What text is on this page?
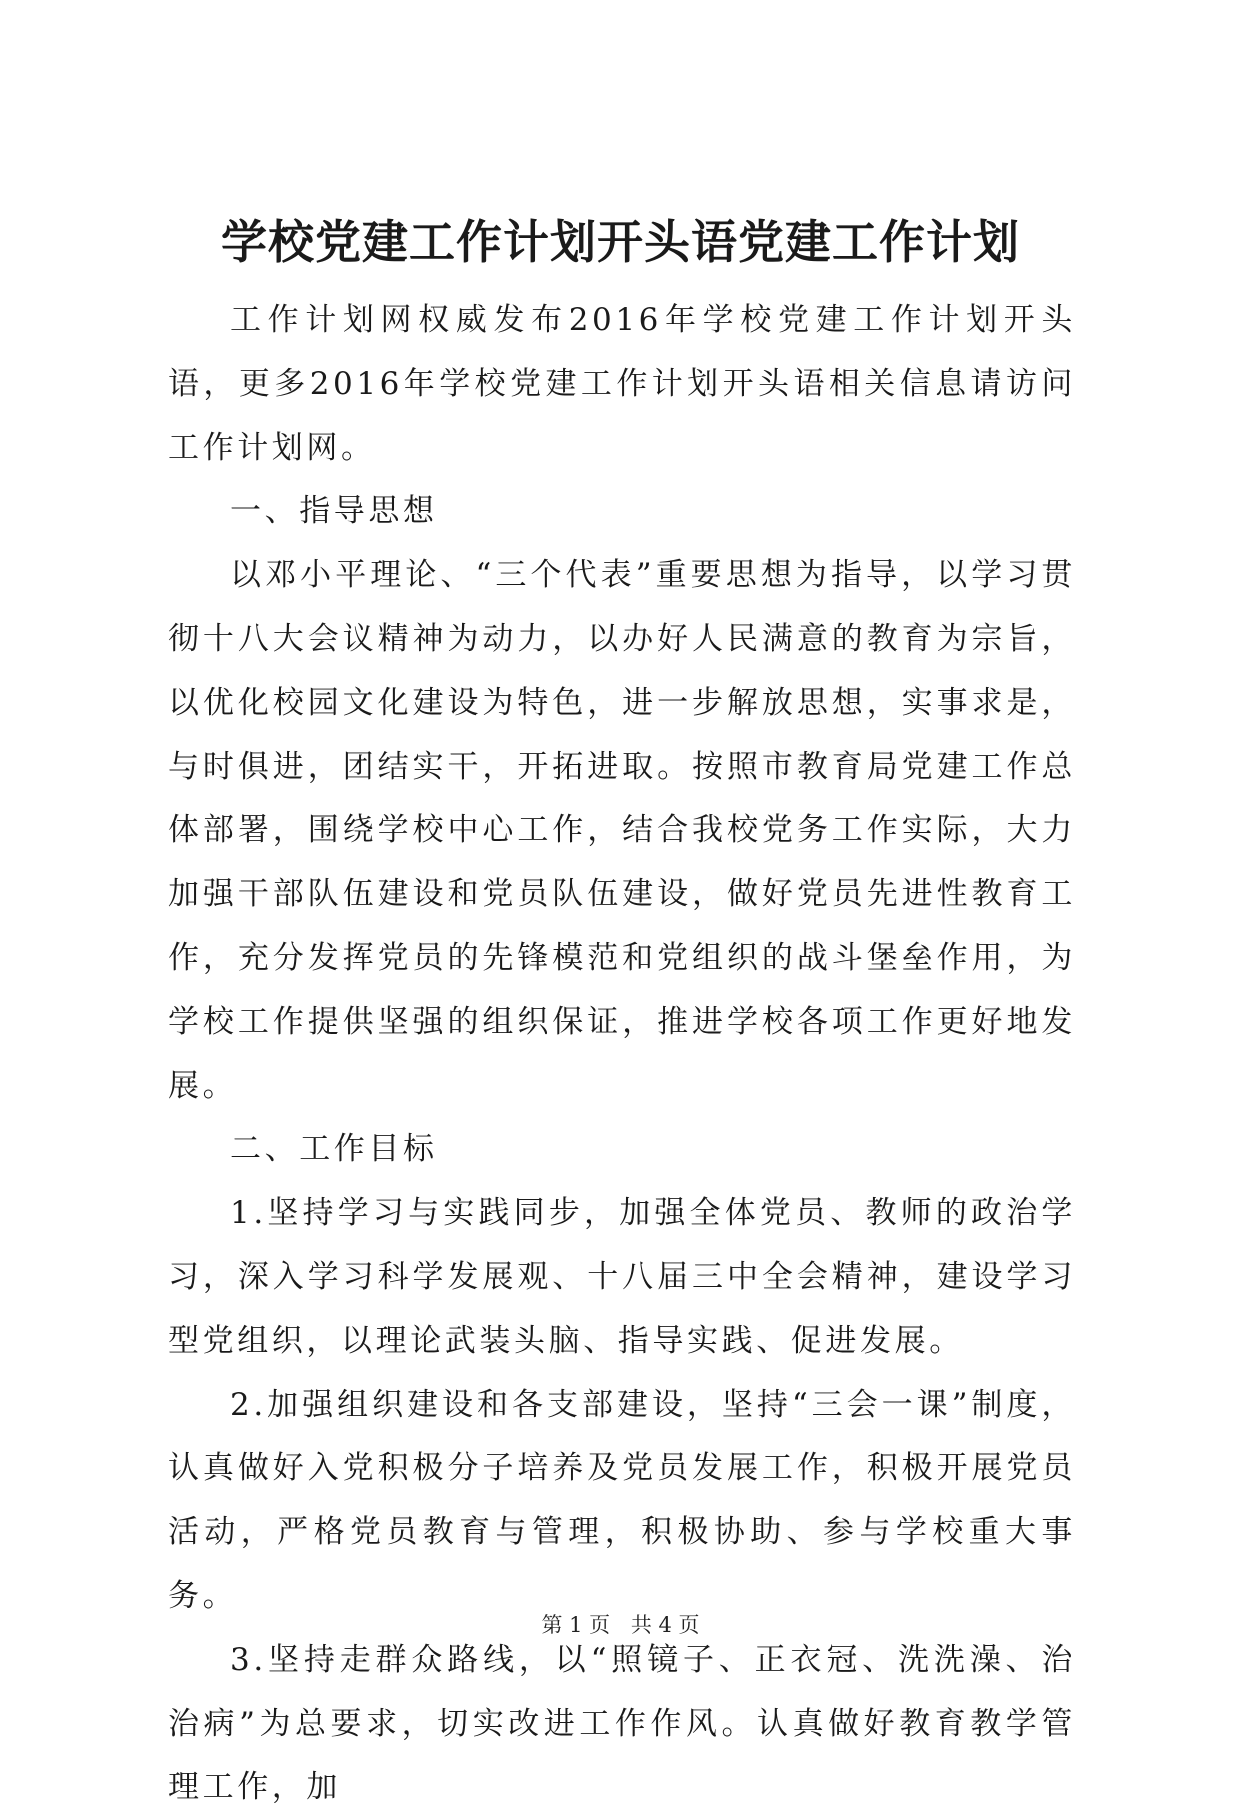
学校党建工作计划开头语党建工作计划

工作计划网权威发布2016年学校党建工作计划开头语，更多2016年学校党建工作计划开头语相关信息请访问工作计划网。

一、指导思想

以邓小平理论、“三个代表”重要思想为指导，以学习贯彻十八大会议精神为动力，以办好人民满意的教育为宗旨，以优化校园文化建设为特色，进一步解放思想，实事求是，与时俱进，团结实干，开拓进取。按照市教育局党建工作总体部署，围绕学校中心工作，结合我校党务工作实际，大力加强干部队伍建设和党员队伍建设，做好党员先进性教育工作，充分发挥党员的先锋模范和党组织的战斗堡垒作用，为学校工作提供坚强的组织保证，推进学校各项工作更好地发展。

二、工作目标

1.坚持学习与实践同步，加强全体党员、教师的政治学习，深入学习科学发展观、十八届三中全会精神，建设学习型党组织，以理论武装头脑、指导实践、促进发展。

2.加强组织建设和各支部建设，坚持“三会一课”制度，认真做好入党积极分子培养及党员发展工作，积极开展党员活动，严格党员教育与管理，积极协助、参与学校重大事务。

3.坚持走群众路线，以“照镜子、正衣冠、洗洗澡、治治病”为总要求，切实改进工作作风。认真做好教育教学管理工作，加

第 1 页 共 4 页
